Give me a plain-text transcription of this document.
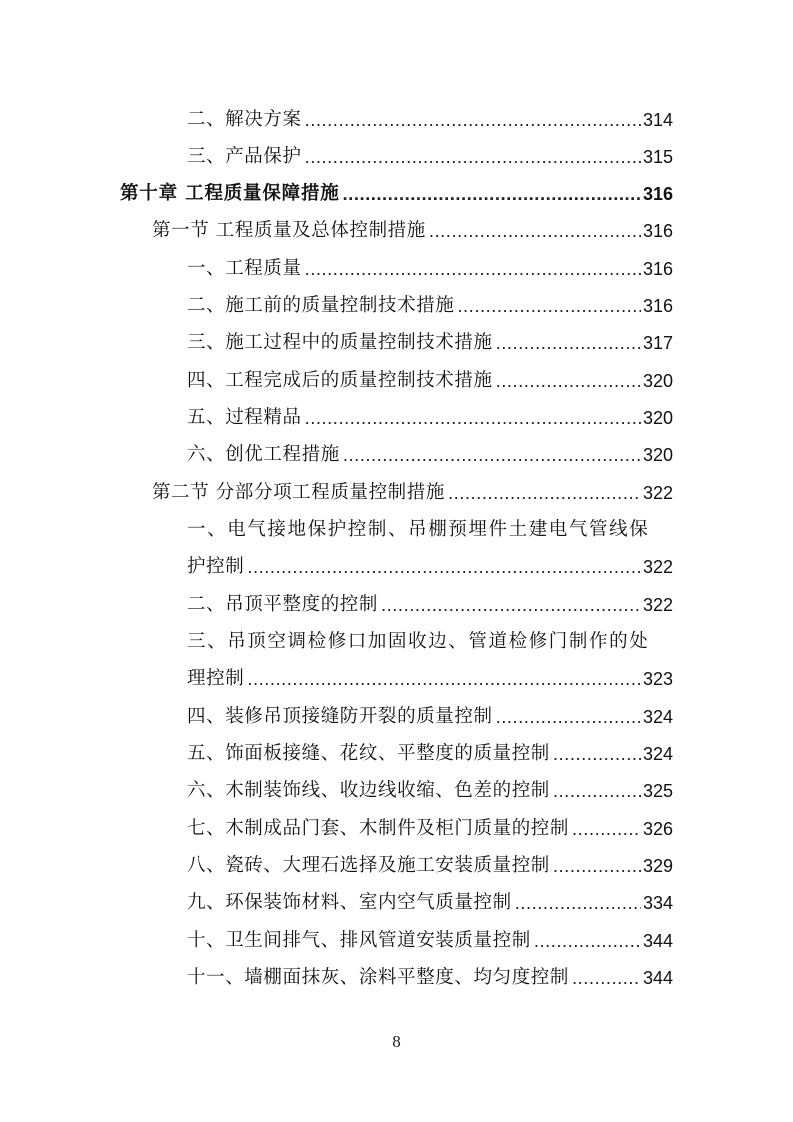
二、解决方案 .....	314
三、产品保护 .....	315
第十章 工程质量保障措施 .....	316
第一节 工程质量及总体控制措施 .....	316
一、工程质量 .....	316
二、施工前的质量控制技术措施 .....	316
三、施工过程中的质量控制技术措施 .....	317
四、工程完成后的质量控制技术措施 .....	320
五、过程精品 .....	320
六、创优工程措施 .....	320
第二节 分部分项工程质量控制措施 .....	322
一、电气接地保护控制、吊棚预埋件土建电气管线保
护控制 .....	322
二、吊顶平整度的控制 .....	322
三、吊顶空调检修口加固收边、管道检修门制作的处
理控制 .....	323
四、装修吊顶接缝防开裂的质量控制 .....	324
五、饰面板接缝、花纹、平整度的质量控制 .....	324
六、木制装饰线、收边线收缩、色差的控制 .....	325
七、木制成品门套、木制件及柜门质量的控制 .....	326
八、瓷砖、大理石选择及施工安装质量控制 .....	329
九、环保装饰材料、室内空气质量控制 .....	334
十、卫生间排气、排风管道安装质量控制 .....	344
十一、墙棚面抹灰、涂料平整度、均匀度控制 .....	344
8
